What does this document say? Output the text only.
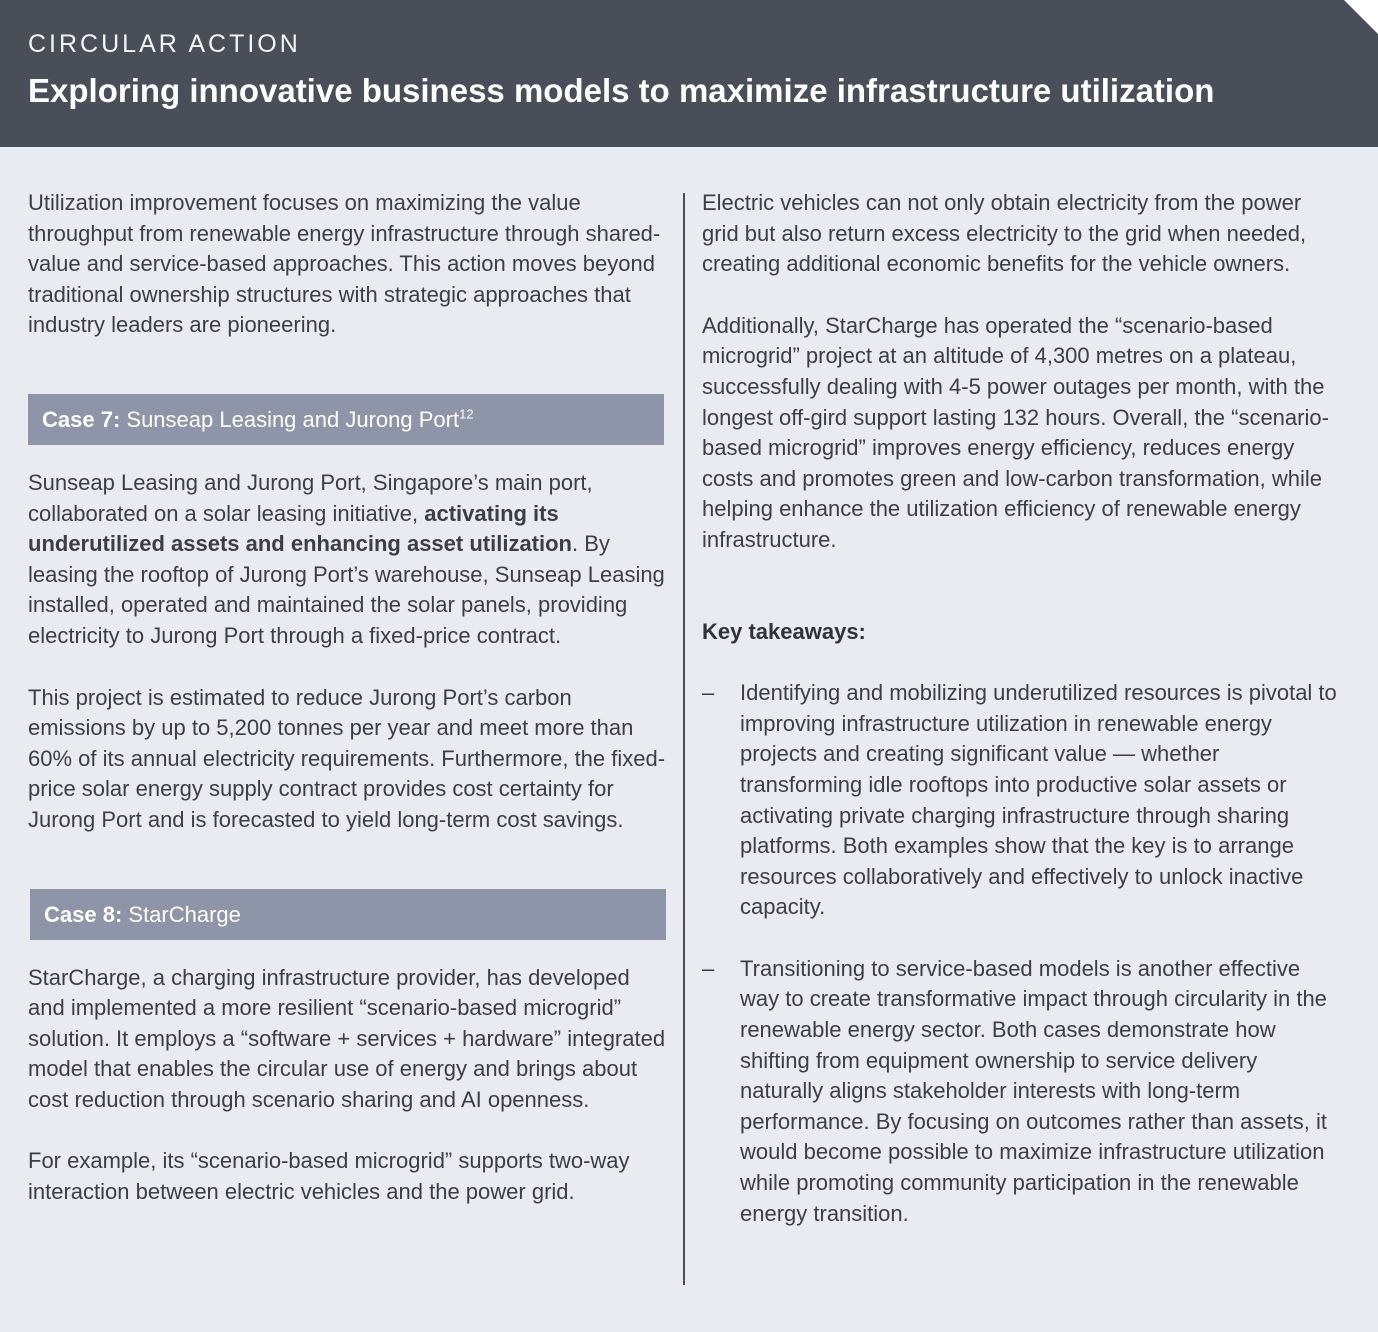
CIRCULAR ACTION
Exploring innovative business models to maximize infrastructure utilization

Utilization improvement focuses on maximizing the value throughput from renewable energy infrastructure through shared-value and service-based approaches. This action moves beyond traditional ownership structures with strategic approaches that industry leaders are pioneering.

Case 7: Sunseap Leasing and Jurong Port$^{12}$

Sunseap Leasing and Jurong Port, Singapore’s main port, collaborated on a solar leasing initiative, activating its underutilized assets and enhancing asset utilization. By leasing the rooftop of Jurong Port’s warehouse, Sunseap Leasing installed, operated and maintained the solar panels, providing electricity to Jurong Port through a fixed-price contract.

This project is estimated to reduce Jurong Port’s carbon emissions by up to 5,200 tonnes per year and meet more than 60% of its annual electricity requirements. Furthermore, the fixed-price solar energy supply contract provides cost certainty for Jurong Port and is forecasted to yield long-term cost savings.

Case 8: StarCharge

StarCharge, a charging infrastructure provider, has developed and implemented a more resilient “scenario-based microgrid” solution. It employs a “software + services + hardware” integrated model that enables the circular use of energy and brings about cost reduction through scenario sharing and AI openness.

For example, its “scenario-based microgrid” supports two-way interaction between electric vehicles and the power grid.

Electric vehicles can not only obtain electricity from the power grid but also return excess electricity to the grid when needed, creating additional economic benefits for the vehicle owners.

Additionally, StarCharge has operated the “scenario-based microgrid” project at an altitude of 4,300 metres on a plateau, successfully dealing with 4-5 power outages per month, with the longest off-gird support lasting 132 hours. Overall, the “scenario-based microgrid” improves energy efficiency, reduces energy costs and promotes green and low-carbon transformation, while helping enhance the utilization efficiency of renewable energy infrastructure.

Key takeaways:

– Identifying and mobilizing underutilized resources is pivotal to improving infrastructure utilization in renewable energy projects and creating significant value — whether transforming idle rooftops into productive solar assets or activating private charging infrastructure through sharing platforms. Both examples show that the key is to arrange resources collaboratively and effectively to unlock inactive capacity.

– Transitioning to service-based models is another effective way to create transformative impact through circularity in the renewable energy sector. Both cases demonstrate how shifting from equipment ownership to service delivery naturally aligns stakeholder interests with long-term performance. By focusing on outcomes rather than assets, it would become possible to maximize infrastructure utilization while promoting community participation in the renewable energy transition.
